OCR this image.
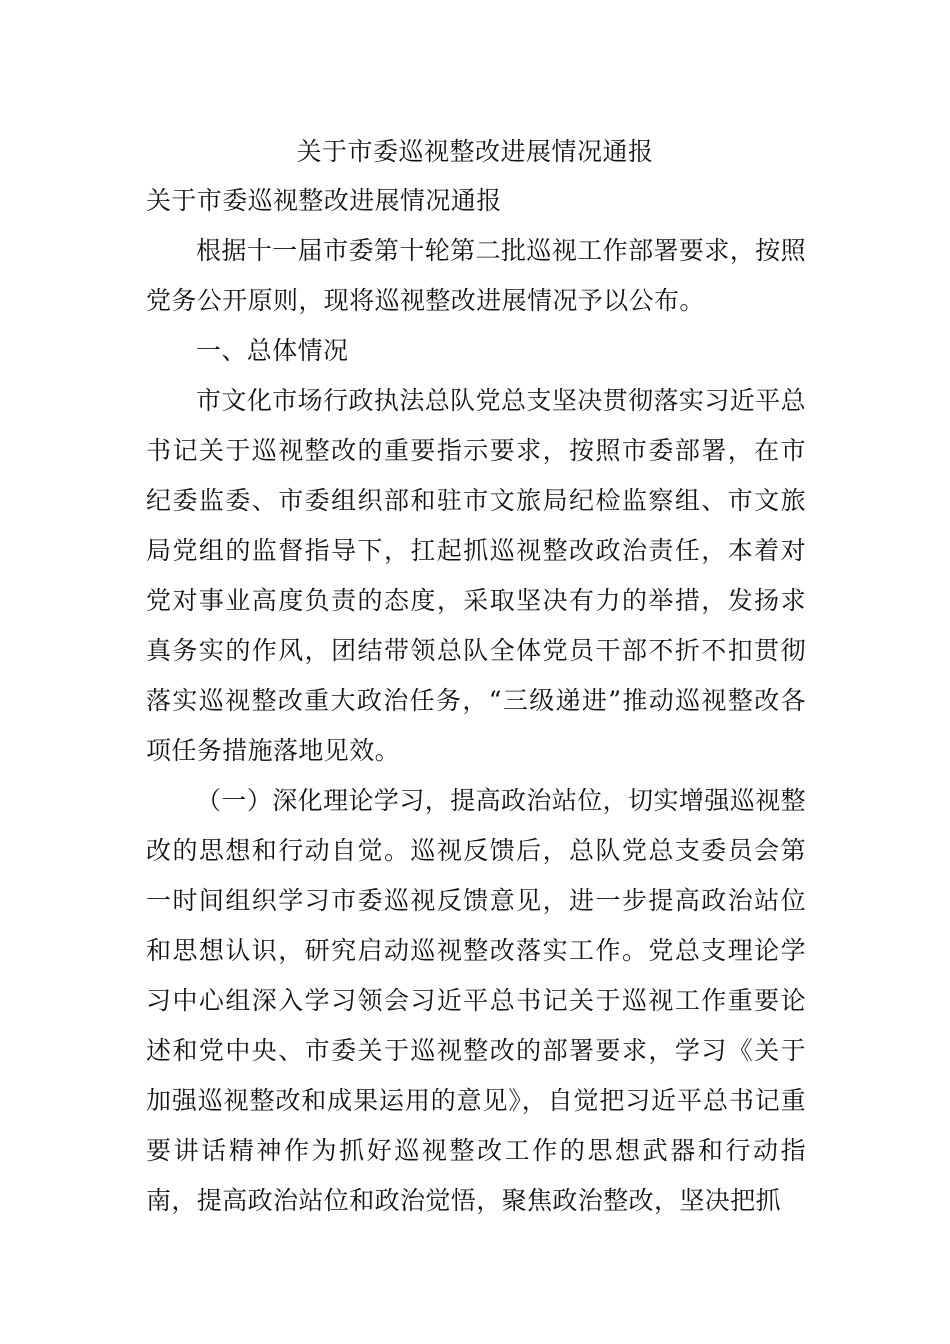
关于市委巡视整改进展情况通报

关于市委巡视整改进展情况通报

根据十一届市委第十轮第二批巡视工作部署要求，按照党务公开原则，现将巡视整改进展情况予以公布。

一、总体情况

市文化市场行政执法总队党总支坚决贯彻落实习近平总书记关于巡视整改的重要指示要求，按照市委部署，在市纪委监委、市委组织部和驻市文旅局纪检监察组、市文旅局党组的监督指导下，扛起抓巡视整改政治责任，本着对党对事业高度负责的态度，采取坚决有力的举措，发扬求真务实的作风，团结带领总队全体党员干部不折不扣贯彻落实巡视整改重大政治任务，“三级递进”推动巡视整改各项任务措施落地见效。

（一）深化理论学习，提高政治站位，切实增强巡视整改的思想和行动自觉。巡视反馈后，总队党总支委员会第一时间组织学习市委巡视反馈意见，进一步提高政治站位和思想认识，研究启动巡视整改落实工作。党总支理论学习中心组深入学习领会习近平总书记关于巡视工作重要论述和党中央、市委关于巡视整改的部署要求，学习《关于加强巡视整改和成果运用的意见》，自觉把习近平总书记重要讲话精神作为抓好巡视整改工作的思想武器和行动指南，提高政治站位和政治觉悟，聚焦政治整改，坚决把抓
